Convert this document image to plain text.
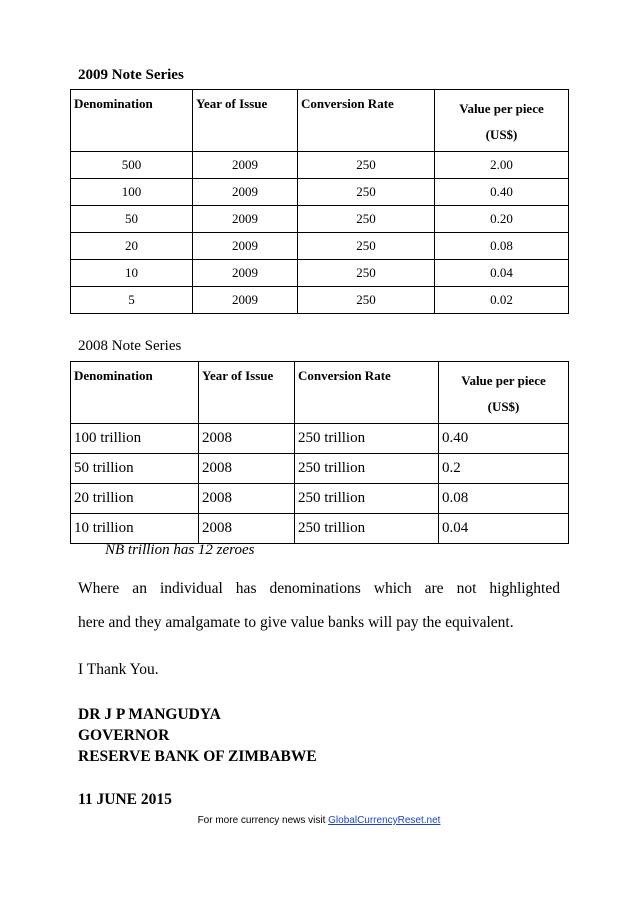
2009 Note Series
Denomination	Year of Issue	Conversion Rate	Value per piece
(US$)
500	2009	250	2.00
100	2009	250	0.40
50	2009	250	0.20
20	2009	250	0.08
10	2009	250	0.04
5	2009	250	0.02
2008 Note Series
Denomination	Year of Issue	Conversion Rate	Value per piece
(US$)
100 trillion	2008	250 trillion	0.40
50 trillion	2008	250 trillion	0.2
20 trillion	2008	250 trillion	0.08
10 trillion	2008	250 trillion	0.04
NB trillion has 12 zeroes
Where an individual has denominations which are not highlighted
here and they amalgamate to give value banks will pay the equivalent.
I Thank You.
DR J P MANGUDYA
GOVERNOR
RESERVE BANK OF ZIMBABWE
11 JUNE 2015
For more currency news visit GlobalCurrencyReset.net
